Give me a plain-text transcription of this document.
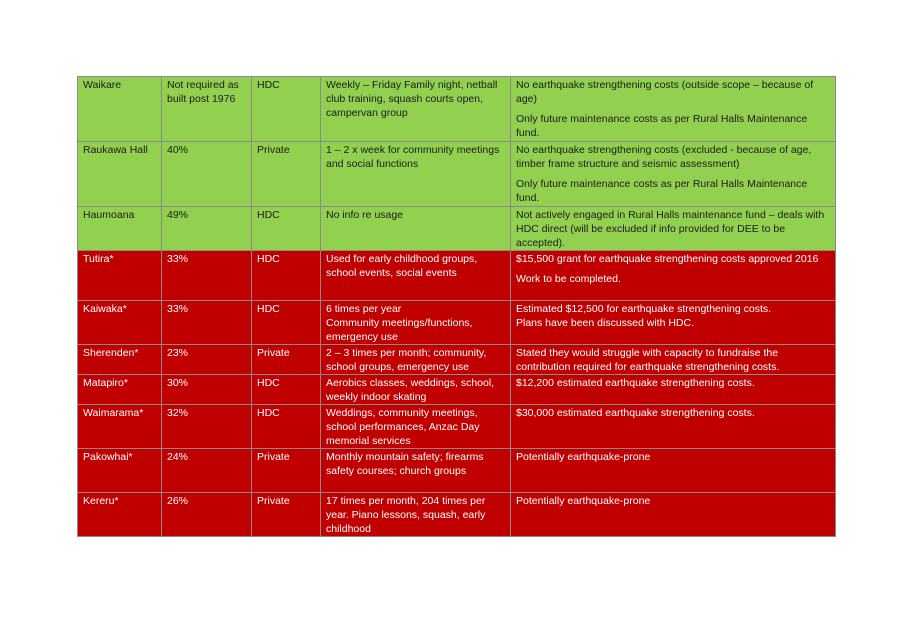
Waikare	Not required as built post 1976	HDC	Weekly – Friday Family night, netball club training, squash courts open, campervan group	No earthquake strengthening costs (outside scope – because of age)
Only future maintenance costs as per Rural Halls Maintenance fund.

Raukawa Hall	40%	Private	1 – 2 x week for community meetings and social functions	No earthquake strengthening costs (excluded - because of age, timber frame structure and seismic assessment)
Only future maintenance costs as per Rural Halls Maintenance fund.

Haumoana	49%	HDC	No info re usage	Not actively engaged in Rural Halls maintenance fund – deals with HDC direct (will be excluded if info provided for DEE to be accepted).

Tutira*	33%	HDC	Used for early childhood groups, school events, social events	$15,500 grant for earthquake strengthening costs approved 2016
Work to be completed.

Kaiwaka*	33%	HDC	6 times per year
Community meetings/functions, emergency use	Estimated $12,500 for earthquake strengthening costs.
Plans have been discussed with HDC.

Sherenden*	23%	Private	2 – 3 times per month; community, school groups, emergency use	Stated they would struggle with capacity to fundraise the contribution required for earthquake strengthening costs.

Matapiro*	30%	HDC	Aerobics classes, weddings, school, weekly indoor skating	$12,200 estimated earthquake strengthening costs.

Waimarama*	32%	HDC	Weddings, community meetings, school performances, Anzac Day memorial services	$30,000 estimated earthquake strengthening costs.

Pakowhai*	24%	Private	Monthly mountain safety; firearms safety courses; church groups	Potentially earthquake-prone

Kereru*	26%	Private	17 times per month, 204 times per year. Piano lessons, squash, early childhood	Potentially earthquake-prone
